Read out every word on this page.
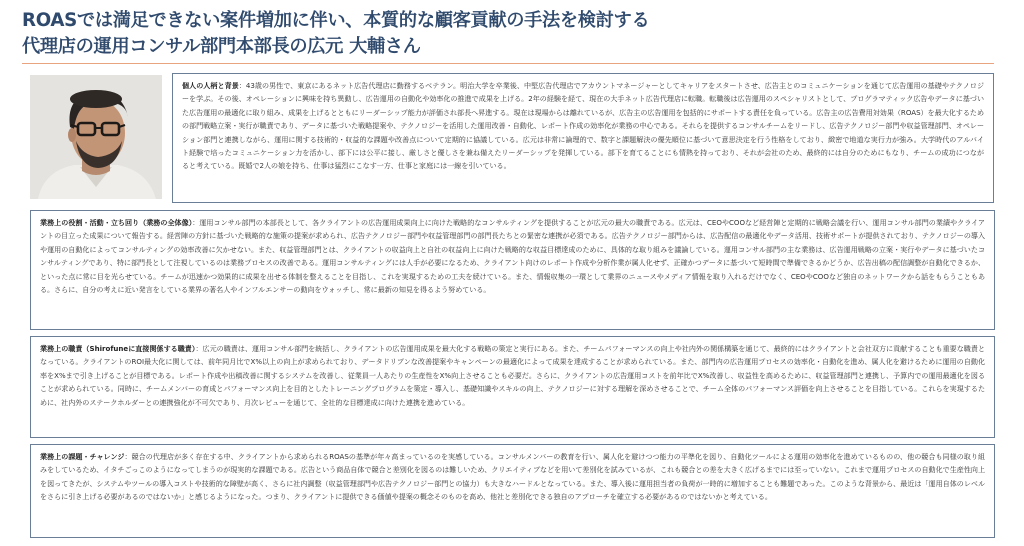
ROASでは満足できない案件増加に伴い、本質的な顧客貢献の手法を検討する
代理店の運用コンサル部門本部長の広元 大輔さん
個人の人柄と背景：43歳の男性で、東京にあるネット広告代理店に勤務するベテラン。明治大学を卒業後、中堅広告代理店でアカウントマネージャーとしてキャリアをスタートさせ、広告主とのコミュニケーションを通じて広告運用の基礎やテクノロジーを学ぶ。その後、オペレーションに興味を持ち異動し、広告運用の自動化や効率化の推進で成果を上げる。2年の経験を経て、現在の大手ネット広告代理店に転職。転職後は広告運用のスペシャリストとして、プログラマティック広告やデータに基づいた広告運用の最適化に取り組み、成果を上げるとともにリーダーシップ能力が評価され部長へ昇進する。現在は現場からは離れているが、広告主の広告運用を包括的にサポートする責任を負っている。広告主の広告費用対効果（ROAS）を最大化するための部門戦略立案・実行が職責であり、データに基づいた戦略提案や、テクノロジーを活用した運用改善・自動化、レポート作成の効率化が業務の中心である。それらを提供するコンサルチームをリードし、広告テクノロジー部門や収益管理部門、オペレーション部門と連携しながら、運用に関する技術的・収益的な課題や改善点について定期的に協議している。広元は非常に論理的で、数字と課題解決の優先順位に基づいて意思決定を行う性格をしており、緻密で地道な実行力が強み。大学時代のアルバイト経験で培ったコミュニケーション力を活かし、部下には公平に接し、厳しさと優しさを兼ね備えたリーダーシップを発揮している。部下を育てることにも情熱を持っており、それが会社のため、最終的には自分のためにもなり、チームの成功につながると考えている。既婚で2人の娘を持ち、仕事は猛烈にこなす一方、仕事と家庭には一線を引いている。
業務上の役割・活動・立ち回り（業務の全体像）：運用コンサル部門の本部長として、各クライアントの広告運用成果向上に向けた戦略的なコンサルティングを提供することが広元の最大の職責である。広元は、CEOやCOOなど経営陣と定期的に戦略会議を行い、運用コンサル部門の業績やクライアントの目立った成果について報告する。経営陣の方針に基づいた戦略的な施策の提案が求められ、広告テクノロジー部門や収益管理部門の部門長たちとの緊密な連携が必須である。広告テクノロジー部門からは、広告配信の最適化やデータ活用、技術サポートが提供されており、テクノロジーの導入や運用の自動化によってコンサルティングの効率改善に欠かせない。また、収益管理部門とは、クライアントの収益向上と自社の収益向上に向けた戦略的な収益目標達成のために、具体的な取り組みを議論している。運用コンサル部門の主な業務は、広告運用戦略の立案・実行やデータに基づいたコンサルティングであり、特に部門長として注視しているのは業務プロセスの改善である。運用コンサルティングには人手が必要になるため、クライアント向けのレポート作成や分析作業が属人化せず、正確かつデータに基づいて短時間で準備できるかどうか、広告出稿の配信調整が自動化できるか、といった点に常に目を光らせている。チームが迅速かつ効果的に成果を出せる体制を整えることを目指し、これを実現するための工夫を続けている。また、情報収集の一環として業界のニュースやメディア情報を取り入れるだけでなく、CEOやCOOなど独自のネットワークから話をもらうこともある。さらに、自分の考えに近い発言をしている業界の著名人やインフルエンサーの動向をウォッチし、常に最新の知見を得るよう努めている。
業務上の職責（Shirofuneに直接関係する職責）：広元の職責は、運用コンサル部門を統括し、クライアントの広告運用成果を最大化する戦略の策定と実行にある。また、チームパフォーマンスの向上や社内外の関係構築を通じて、最終的にはクライアントと会社双方に貢献することも重要な職責となっている。クライアントのROI最大化に関しては、前年同月比でX%以上の向上が求められており、データドリブンな改善提案やキャンペーンの最適化によって成果を達成することが求められている。また、部門内の広告運用プロセスの効率化・自動化を進め、属人化を避けるために運用の自動化率をX%まで引き上げることが目標である。レポート作成や出稿改善に関するシステムを改善し、従業員一人あたりの生産性をX%向上させることも必要だ。さらに、クライアントの広告運用コストを前年比でX%改善し、収益性を高めるために、収益管理部門と連携し、予算内での運用最適化を図ることが求められている。同時に、チームメンバーの育成とパフォーマンス向上を目的としたトレーニングプログラムを策定・導入し、基礎知識やスキルの向上、テクノロジーに対する理解を深めさせることで、チーム全体のパフォーマンス評価を向上させることを目指している。これらを実現するために、社内外のステークホルダーとの連携強化が不可欠であり、月次レビューを通じて、全社的な目標達成に向けた連携を進めている。
業務上の課題・チャレンジ：競合の代理店が多く存在する中、クライアントから求められるROASの基準が年々高まっているのを実感している。コンサルメンバーの教育を行い、属人化を避けつつ能力の平準化を図り、自動化ツールによる運用の効率化を進めているものの、他の競合も同様の取り組みをしているため、イタチごっこのようになってしまうのが現実的な課題である。広告という商品自体で競合と差別化を図るのは難しいため、クリエイティブなどを用いて差別化を試みているが、これも競合との差を大きく広げるまでには至っていない。これまで運用プロセスの自動化で生産性向上を図ってきたが、システムやツールの導入コストや技術的な障壁が高く、さらに社内調整（収益管理部門や広告テクノロジー部門との協力）も大きなハードルとなっている。また、導入後に運用担当者の負荷が一時的に増加することも難題であった。このような背景から、最近は「運用自体のレベルをさらに引き上げる必要があるのではないか」と感じるようになった。つまり、クライアントに提供できる価値や提案の概念そのものを高め、他社と差別化できる独自のアプローチを確立する必要があるのではないかと考えている。
